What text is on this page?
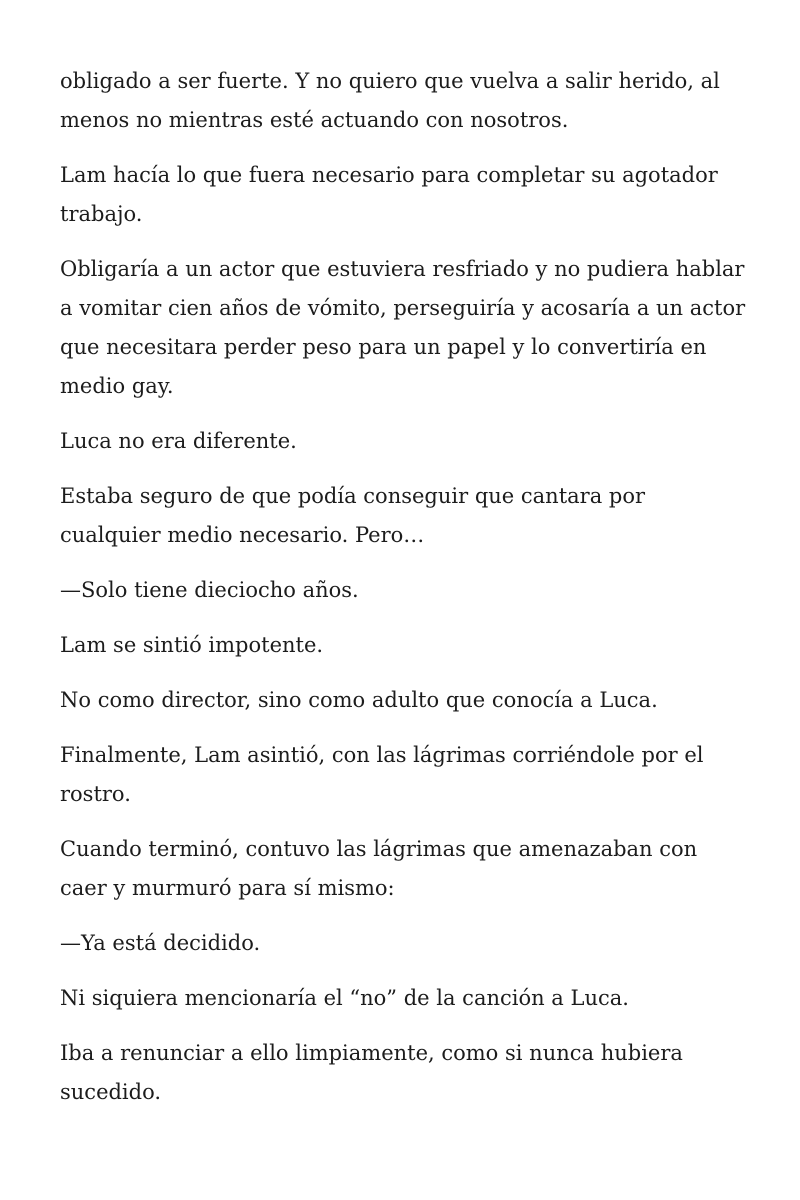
obligado a ser fuerte. Y no quiero que vuelva a salir herido, al menos no mientras esté actuando con nosotros.

Lam hacía lo que fuera necesario para completar su agotador trabajo.

Obligaría a un actor que estuviera resfriado y no pudiera hablar a vomitar cien años de vómito, perseguiría y acosaría a un actor que necesitara perder peso para un papel y lo convertiría en medio gay.

Luca no era diferente.

Estaba seguro de que podía conseguir que cantara por cualquier medio necesario. Pero…

—Solo tiene dieciocho años.

Lam se sintió impotente.

No como director, sino como adulto que conocía a Luca.

Finalmente, Lam asintió, con las lágrimas corriéndole por el rostro.

Cuando terminó, contuvo las lágrimas que amenazaban con caer y murmuró para sí mismo:

—Ya está decidido.

Ni siquiera mencionaría el “no” de la canción a Luca.

Iba a renunciar a ello limpiamente, como si nunca hubiera sucedido.
